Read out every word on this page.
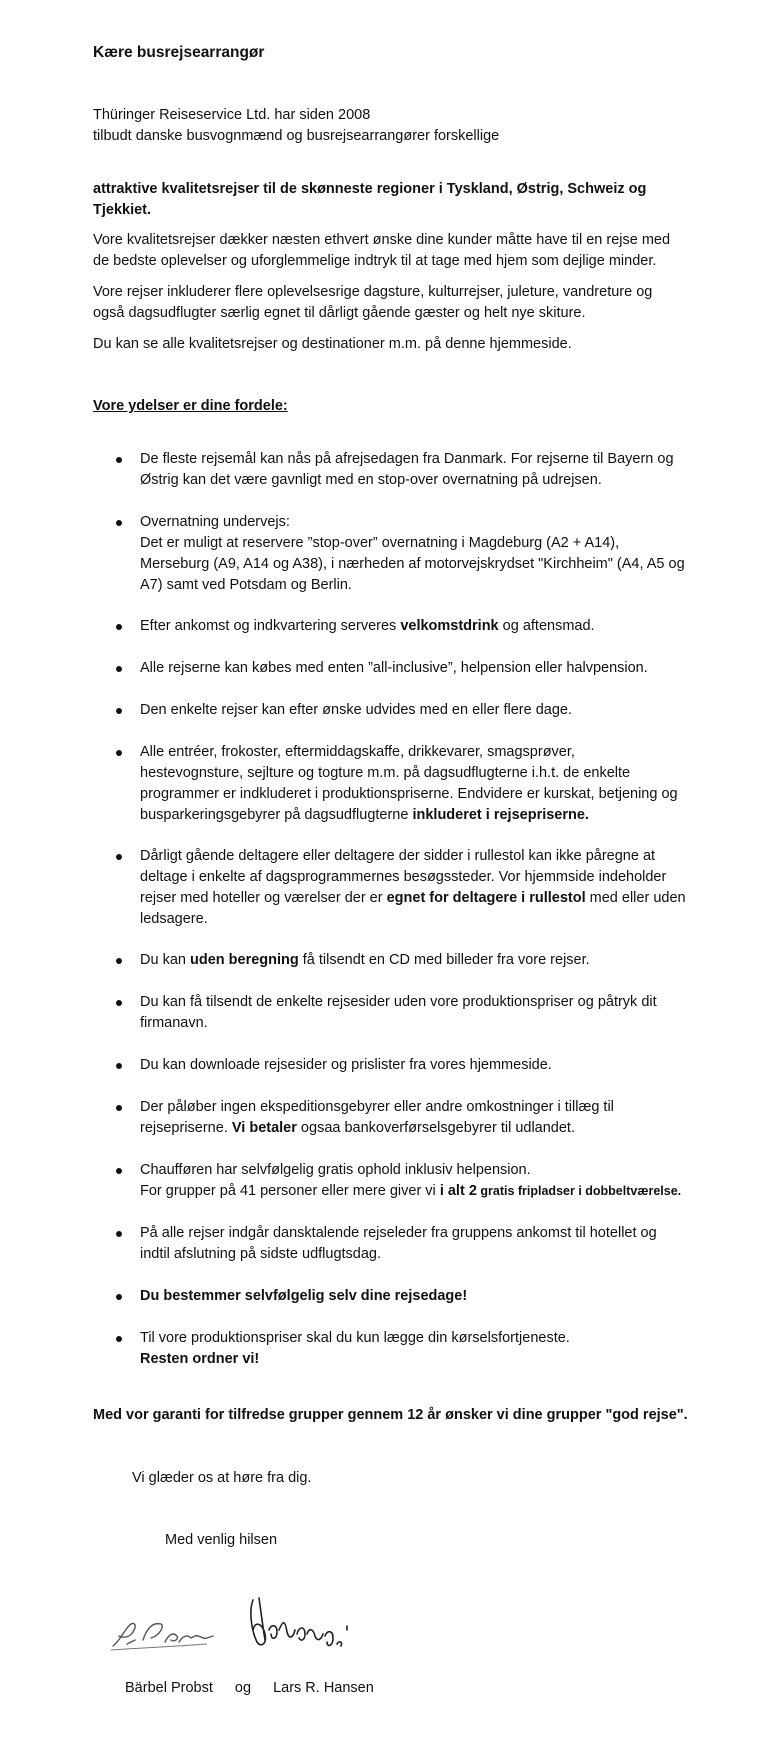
Kære busrejsearrangør

Thüringer Reiseservice Ltd. har siden 2008

tilbudt danske busvognmænd og busrejsearrangører forskellige

attraktive kvalitetsrejser til de skønneste regioner i Tyskland, Østrig, Schweiz og Tjekkiet.

Vore kvalitetsrejser dækker næsten ethvert ønske dine kunder måtte have til en rejse med

de bedste oplevelser og uforglemmelige indtryk til at tage med hjem som dejlige minder.

Vore rejser inkluderer flere oplevelsesrige dagsture, kulturrejser, juleture, vandreture og

også dagsudflugter særlig egnet til dårligt gående gæster og helt nye skiture.

Du kan se alle kvalitetsrejser og destinationer m.m. på denne hjemmeside.

Vore ydelser er dine fordele:

De fleste rejsemål kan nås på afrejsedagen fra Danmark. For rejserne til Bayern og

Østrig kan det være gavnligt med en stop-over overnatning på udrejsen.

Overnatning undervejs:

Det er muligt at reservere ”stop-over” overnatning i Magdeburg (A2 + A14),

Merseburg (A9, A14 og A38), i nærheden af motorvejskrydset "Kirchheim" (A4, A5 og

A7) samt ved Potsdam og Berlin.

Efter ankomst og indkvartering serveres velkomstdrink og aftensmad.

Alle rejserne kan købes med enten ”all-inclusive”, helpension eller halvpension.

Den enkelte rejser kan efter ønske udvides med en eller flere dage.

Alle entréer, frokoster, eftermiddagskaffe, drikkevarer, smagsprøver,

hestevognsture, sejlture og togture m.m. på dagsudflugterne i.h.t. de enkelte

programmer er indkluderet i produktionspriserne. Endvidere er kurskat, betjening og

busparkeringsgebyrer på dagsudflugterne inkluderet i rejsepriserne.

Dårligt gående deltagere eller deltagere der sidder i rullestol kan ikke påregne at

deltage i enkelte af dagsprogrammernes besøgssteder. Vor hjemmside indeholder

rejser med hoteller og værelser der er egnet for deltagere i rullestol med eller uden

ledsagere.

Du kan uden beregning få tilsendt en CD med billeder fra vore rejser.

Du kan få tilsendt de enkelte rejsesider uden vore produktionspriser og påtryk dit

firmanavn.

Du kan downloade rejsesider og prislister fra vores hjemmeside.

Der påløber ingen ekspeditionsgebyrer eller andre omkostninger i tillæg til

rejsepriserne. Vi betaler ogsaa bankoverførselsgebyrer til udlandet.

Chaufføren har selvfølgelig gratis ophold inklusiv helpension.

For grupper på 41 personer eller mere giver vi i alt 2 gratis fripladser i dobbeltværelse.

På alle rejser indgår dansktalende rejseleder fra gruppens ankomst til hotellet og

indtil afslutning på sidste udflugtsdag.

Du bestemmer selvfølgelig selv dine rejsedage!

Til vore produktionspriser skal du kun lægge din kørselsfortjeneste.

Resten ordner vi!

Med vor garanti for tilfredse grupper gennem 12 år ønsker vi dine grupper "god rejse".

Vi glæder os at høre fra dig.

Med venlig hilsen

Bärbel Probst og Lars R. Hansen
